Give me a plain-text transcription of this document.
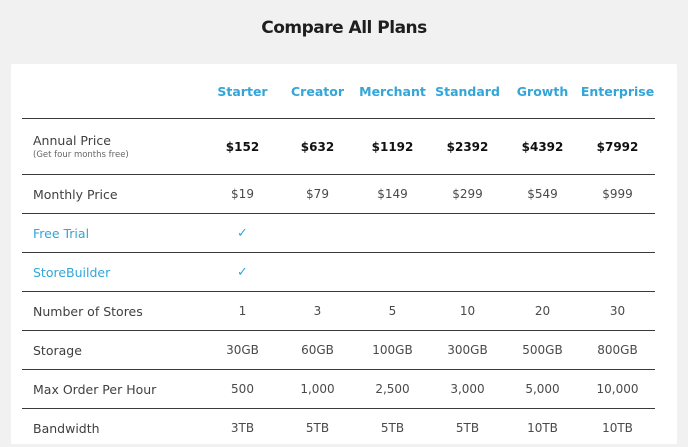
Compare All Plans
	Starter	Creator	Merchant	Standard	Growth	Enterprise
Annual Price
(Get four months free)	$152	$632	$1192	$2392	$4392	$7992
Monthly Price	$19	$79	$149	$299	$549	$999
Free Trial	✓					
StoreBuilder	✓					
Number of Stores	1	3	5	10	20	30
Storage	30GB	60GB	100GB	300GB	500GB	800GB
Max Order Per Hour	500	1,000	2,500	3,000	5,000	10,000
Bandwidth	3TB	5TB	5TB	5TB	10TB	10TB
